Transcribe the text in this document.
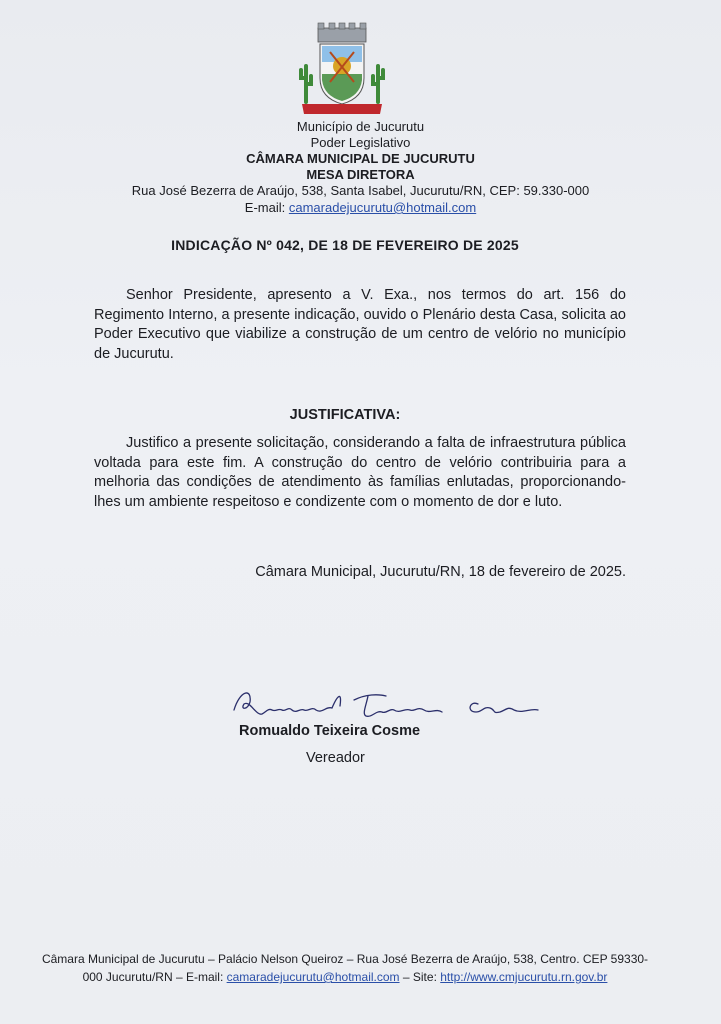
Município de Jucurutu
Poder Legislativo
CÂMARA MUNICIPAL DE JUCURUTU
MESA DIRETORA
Rua José Bezerra de Araújo, 538, Santa Isabel, Jucurutu/RN, CEP: 59.330-000
E-mail: camaradejucurutu@hotmail.com
INDICAÇÃO Nº 042, DE 18 DE FEVEREIRO DE 2025
Senhor Presidente, apresento a V. Exa., nos termos do art. 156 do Regimento Interno, a presente indicação, ouvido o Plenário desta Casa, solicita ao Poder Executivo que viabilize a construção de um centro de velório no município de Jucurutu.
JUSTIFICATIVA:
Justifico a presente solicitação, considerando a falta de infraestrutura pública voltada para este fim. A construção do centro de velório contribuiria para a melhoria das condições de atendimento às famílias enlutadas, proporcionando-lhes um ambiente respeitoso e condizente com o momento de dor e luto.
Câmara Municipal, Jucurutu/RN, 18 de fevereiro de 2025.
Romualdo Teixeira Cosme
Vereador
Câmara Municipal de Jucurutu – Palácio Nelson Queiroz – Rua José Bezerra de Araújo, 538, Centro. CEP 59330-
000 Jucurutu/RN – E-mail: camaradejucurutu@hotmail.com – Site: http://www.cmjucurutu.rn.gov.br
